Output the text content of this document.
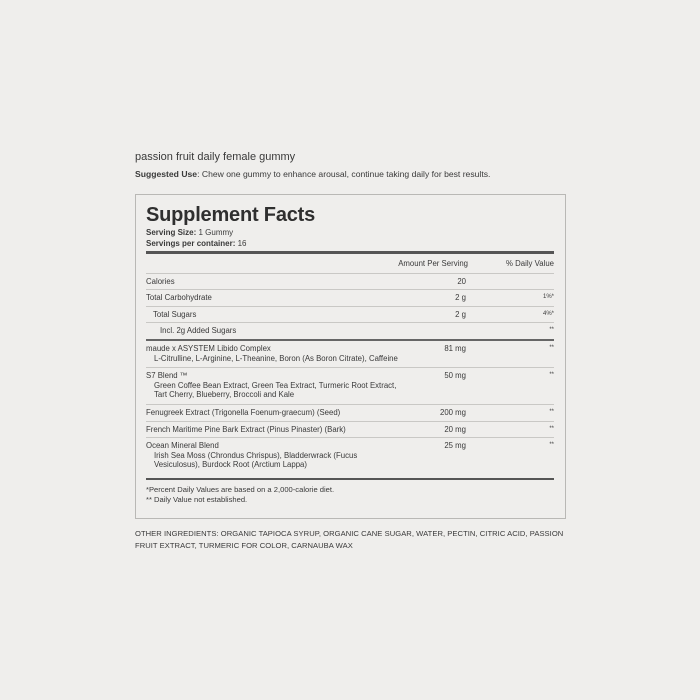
passion fruit daily female gummy
Suggested Use: Chew one gummy to enhance arousal, continue taking daily for best results.
Supplement Facts
Serving Size: 1 Gummy
Servings per container: 16
Amount Per Serving	% Daily Value
Calories	20
Total Carbohydrate	2 g	1%*
Total Sugars	2 g	4%*
Incl. 2g Added Sugars	**
maude x ASYSTEM Libido Complex
L-Citrulline, L-Arginine, L-Theanine, Boron (As Boron Citrate), Caffeine
81 mg	**
S7 Blend ™
Green Coffee Bean Extract, Green Tea Extract, Turmeric Root Extract, Tart Cherry, Blueberry, Broccoli and Kale
50 mg	**
Fenugreek Extract (Trigonella Foenum-graecum) (Seed)	200 mg	**
French Maritime Pine Bark Extract (Pinus Pinaster) (Bark)	20 mg	**
Ocean Mineral Blend
Irish Sea Moss (Chrondus Chrispus), Bladderwrack (Fucus Vesiculosus), Burdock Root (Arctium Lappa)
25 mg	**
*Percent Daily Values are based on a 2,000-calorie diet.
** Daily Value not established.
OTHER INGREDIENTS: ORGANIC TAPIOCA SYRUP, ORGANIC CANE SUGAR, WATER, PECTIN, CITRIC ACID, PASSION FRUIT EXTRACT, TURMERIC FOR COLOR, CARNAUBA WAX
